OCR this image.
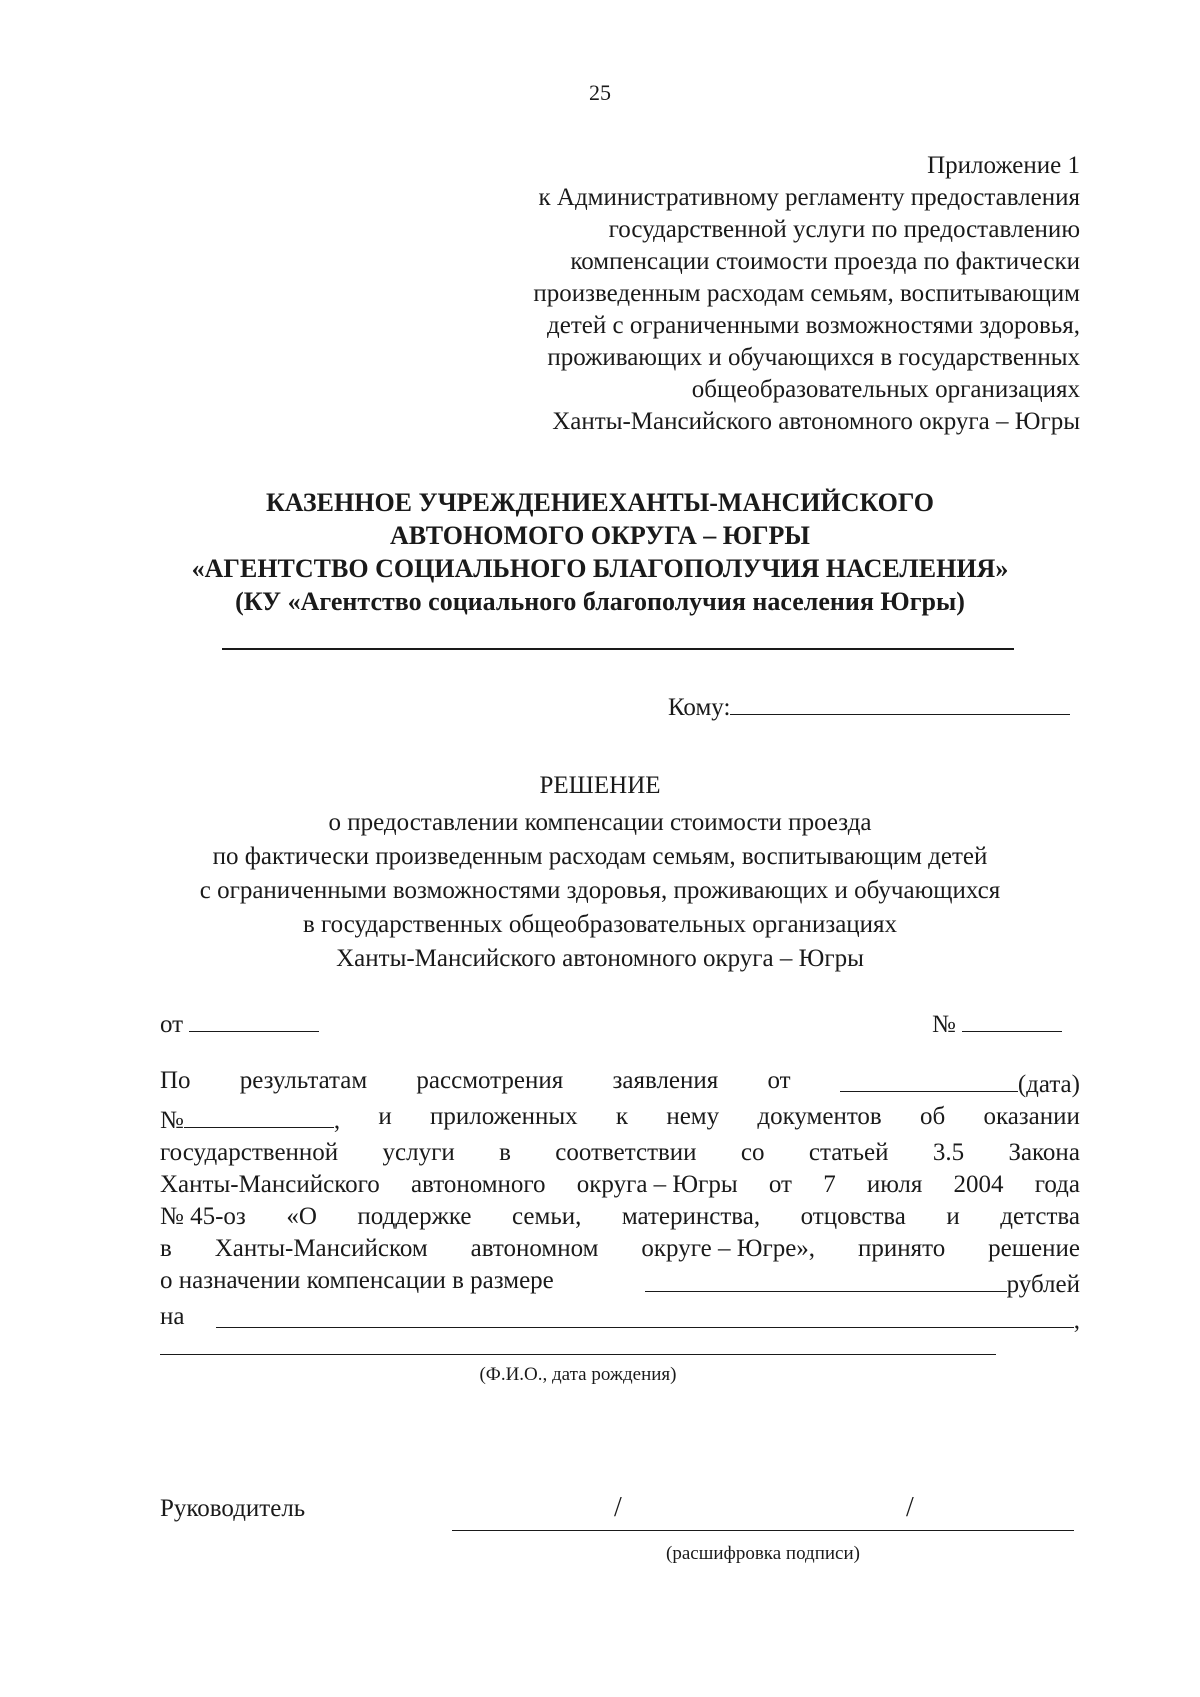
25
Приложение 1
к Административному регламенту предоставления
государственной услуги по предоставлению
компенсации стоимости проезда по фактически
произведенным расходам семьям, воспитывающим
детей с ограниченными возможностями здоровья,
проживающих и обучающихся в государственных
общеобразовательных организациях
Ханты-Мансийского автономного округа – Югры
КАЗЕННОЕ УЧРЕЖДЕНИЕХАНТЫ-МАНСИЙСКОГО
АВТОНОМОГО ОКРУГА – ЮГРЫ
«АГЕНТСТВО СОЦИАЛЬНОГО БЛАГОПОЛУЧИЯ НАСЕЛЕНИЯ»
(КУ «Агентство социального благополучия населения Югры)
Кому:
РЕШЕНИЕ
о предоставлении компенсации стоимости проезда
по фактически произведенным расходам семьям, воспитывающим детей
с ограниченными возможностями здоровья, проживающих и обучающихся
в государственных общеобразовательных организациях
Ханты-Мансийского автономного округа – Югры
от	№
По результатам рассмотрения заявления от	(дата)
№	, и приложенных к нему документов об оказании
государственной услуги в соответствии со статьей 3.5 Закона
Ханты-Мансийского автономного округа – Югры от 7 июля 2004 года
№ 45-оз «О поддержке семьи, материнства, отцовства и детства
в Ханты-Мансийском автономном округе – Югре», принято решение
о назначении компенсации в размере	рублей
на	,
(Ф.И.О., дата рождения)
Руководитель	/	/
(расшифровка подписи)
